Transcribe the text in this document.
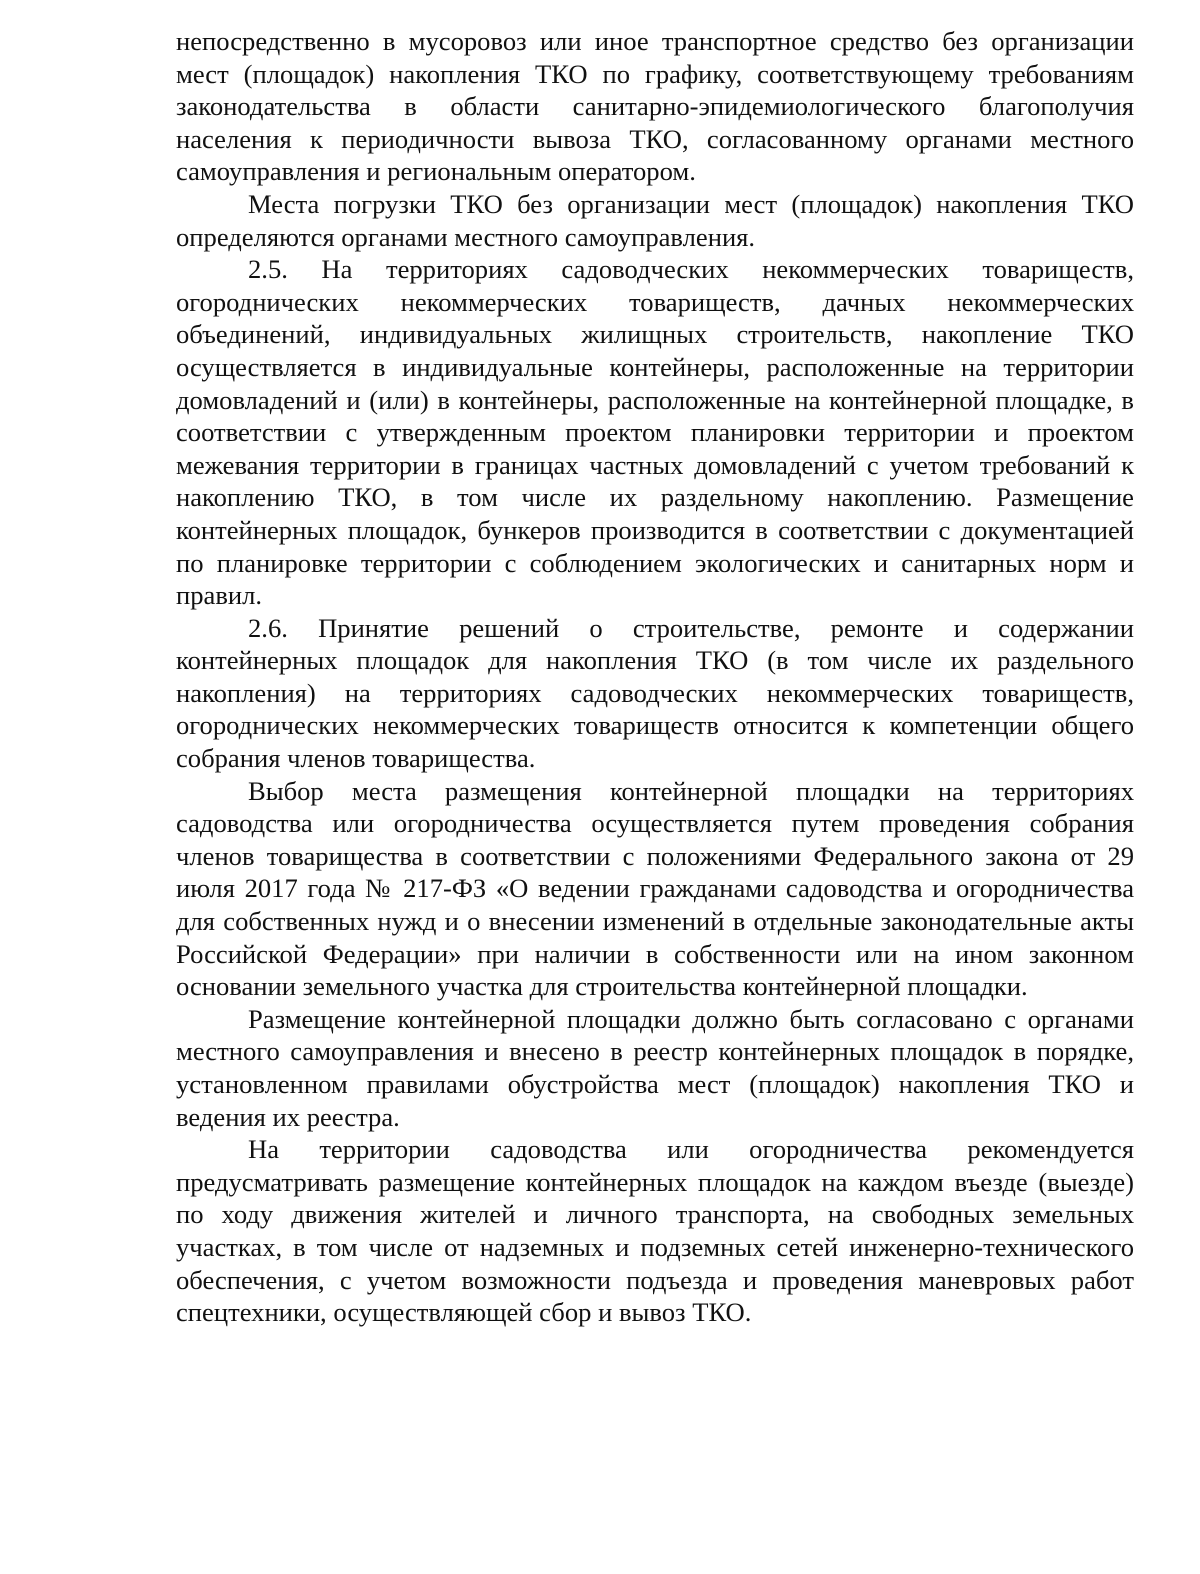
непосредственно в мусоровоз или иное транспортное средство без организации мест (площадок) накопления ТКО по графику, соответствующему требованиям законодательства в области санитарно-эпидемиологического благополучия населения к периодичности вывоза ТКО, согласованному органами местного самоуправления и региональным оператором.

Места погрузки ТКО без организации мест (площадок) накопления ТКО определяются органами местного самоуправления.

2.5. На территориях садоводческих некоммерческих товариществ, огороднических некоммерческих товариществ, дачных некоммерческих объединений, индивидуальных жилищных строительств, накопление ТКО осуществляется в индивидуальные контейнеры, расположенные на территории домовладений и (или) в контейнеры, расположенные на контейнерной площадке, в соответствии с утвержденным проектом планировки территории и проектом межевания территории в границах частных домовладений с учетом требований к накоплению ТКО, в том числе их раздельному накоплению. Размещение контейнерных площадок, бункеров производится в соответствии с документацией по планировке территории с соблюдением экологических и санитарных норм и правил.

2.6. Принятие решений о строительстве, ремонте и содержании контейнерных площадок для накопления ТКО (в том числе их раздельного накопления) на территориях садоводческих некоммерческих товариществ, огороднических некоммерческих товариществ относится к компетенции общего собрания членов товарищества.

Выбор места размещения контейнерной площадки на территориях садоводства или огородничества осуществляется путем проведения собрания членов товарищества в соответствии с положениями Федерального закона от 29 июля 2017 года № 217-ФЗ «О ведении гражданами садоводства и огородничества для собственных нужд и о внесении изменений в отдельные законодательные акты Российской Федерации» при наличии в собственности или на ином законном основании земельного участка для строительства контейнерной площадки.

Размещение контейнерной площадки должно быть согласовано с органами местного самоуправления и внесено в реестр контейнерных площадок в порядке, установленном правилами обустройства мест (площадок) накопления ТКО и ведения их реестра.

На территории садоводства или огородничества рекомендуется предусматривать размещение контейнерных площадок на каждом въезде (выезде) по ходу движения жителей и личного транспорта, на свободных земельных участках, в том числе от надземных и подземных сетей инженерно-технического обеспечения, с учетом возможности подъезда и проведения маневровых работ спецтехники, осуществляющей сбор и вывоз ТКО.
